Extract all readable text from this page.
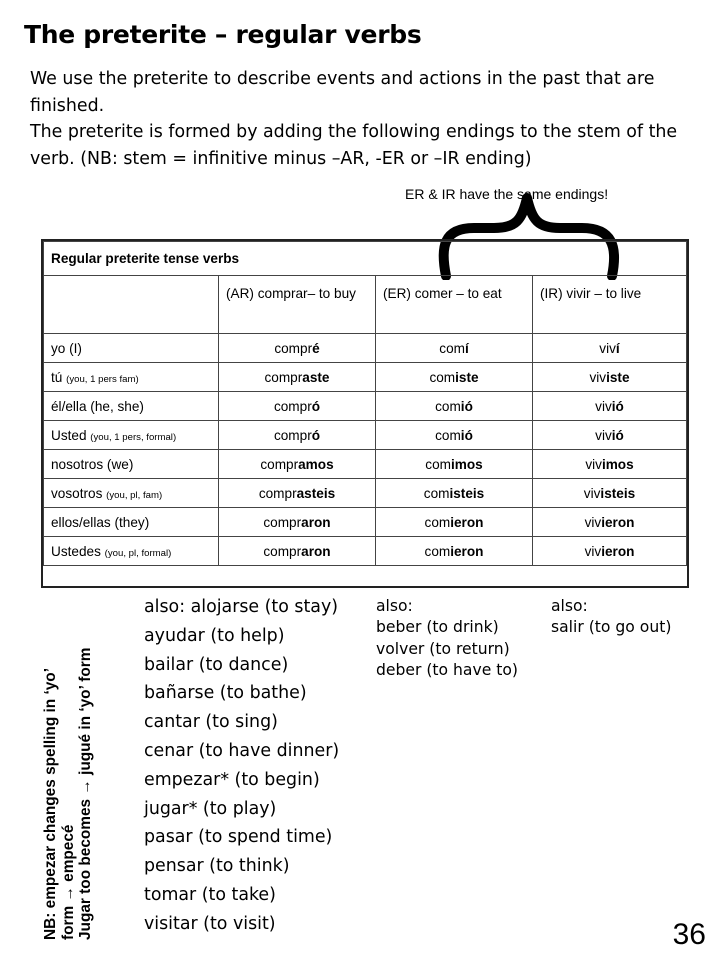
The preterite – regular verbs

We use the preterite to describe events and actions in the past that are finished.

The preterite is formed by adding the following endings to the stem of the verb. (NB: stem = infinitive minus –AR, -ER or –IR ending)

ER & IR have the same endings!
Regular preterite tense verbs			
	(AR) comprar– to buy	(ER) comer – to eat	(IR) vivir – to live
yo (I)	compré	comí	viví
tú (you, 1 pers fam)	compraste	comiste	viviste
él/ella (he, she)	compró	comió	vivió
Usted (you, 1 pers, formal)	compró	comió	vivió
nosotros (we)	compramos	comimos	vivimos
vosotros (you, pl, fam)	comprasteis	comisteis	vivisteis
ellos/ellas (they)	compraron	comieron	vivieron
Ustedes (you, pl, formal)	compraron	comieron	vivieron
also: alojarse (to stay)
ayudar (to help)
bailar (to dance)
bañarse (to bathe)
cantar (to sing)
cenar (to have dinner)
empezar* (to begin)
jugar* (to play)
pasar (to spend time)
pensar (to think)
tomar (to take)
visitar (to visit)
also:
beber (to drink)
volver (to return)
deber (to have to)
also:
salir (to go out)
NB: empezar changes spelling in ‘yo’ form → empecé Jugar too becomes → jugué in ‘yo’ form	36
